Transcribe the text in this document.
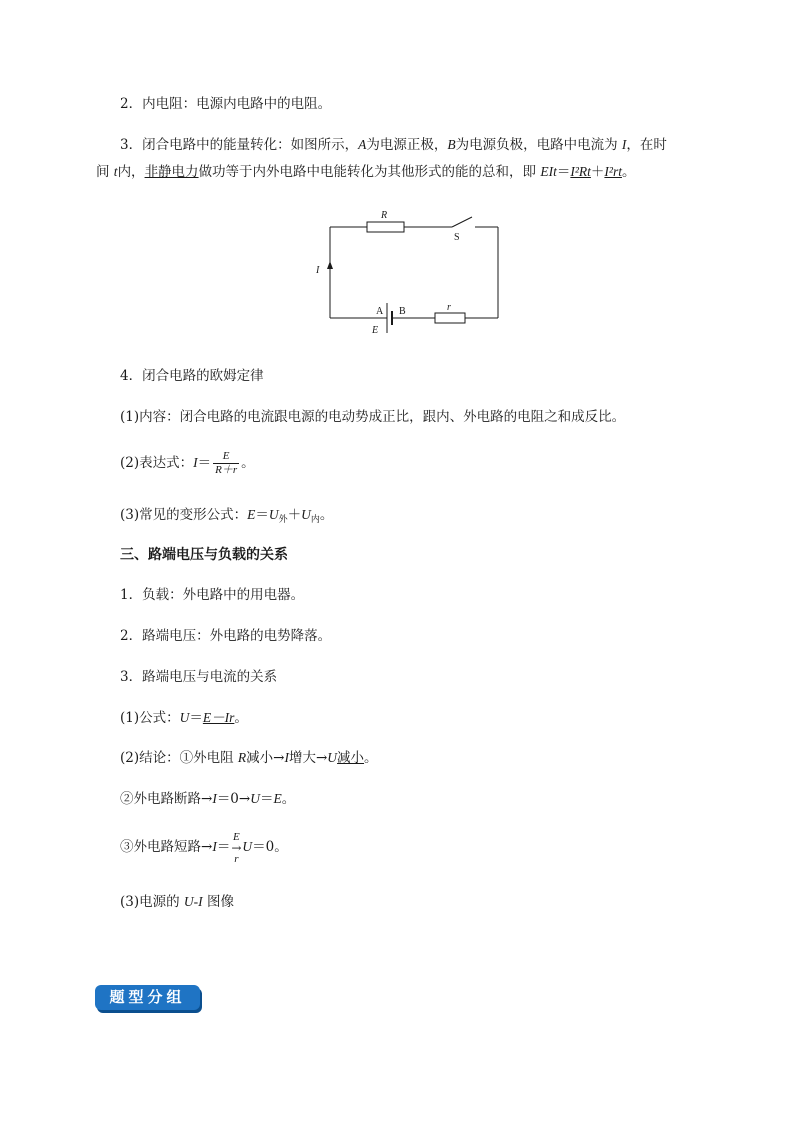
2．内电阻：电源内电路中的电阻。
3．闭合电路中的能量转化：如图所示，A为电源正极，B为电源负极，电路中电流为 I，在时
间 t内，非静电力做功等于内外电路中电能转化为其他形式的能的总和，即 EIt＝I²Rt＋I²rt。
R
S
I
A B	r
E
4．闭合电路的欧姆定律
(1)内容：闭合电路的电流跟电源的电动势成正比，跟内、外电路的电阻之和成反比。
(2)表达式：$I= \frac{E}{R+r}$ 。
(3)常见的变形公式：$E=U_外+U_内$。
三、路端电压与负载的关系
1．负载：外电路中的用电器。
2．路端电压：外电路的电势降落。
3．路端电压与电流的关系
(1)公式：U＝E－Ir。
(2)结论：①外电阻 R减小→I增大→U减小。
②外电路断路→I＝0→U＝E。
③外电路短路→I＝
E
→
r
U＝0。
(3)电源的 U-I 图像
题型分组
